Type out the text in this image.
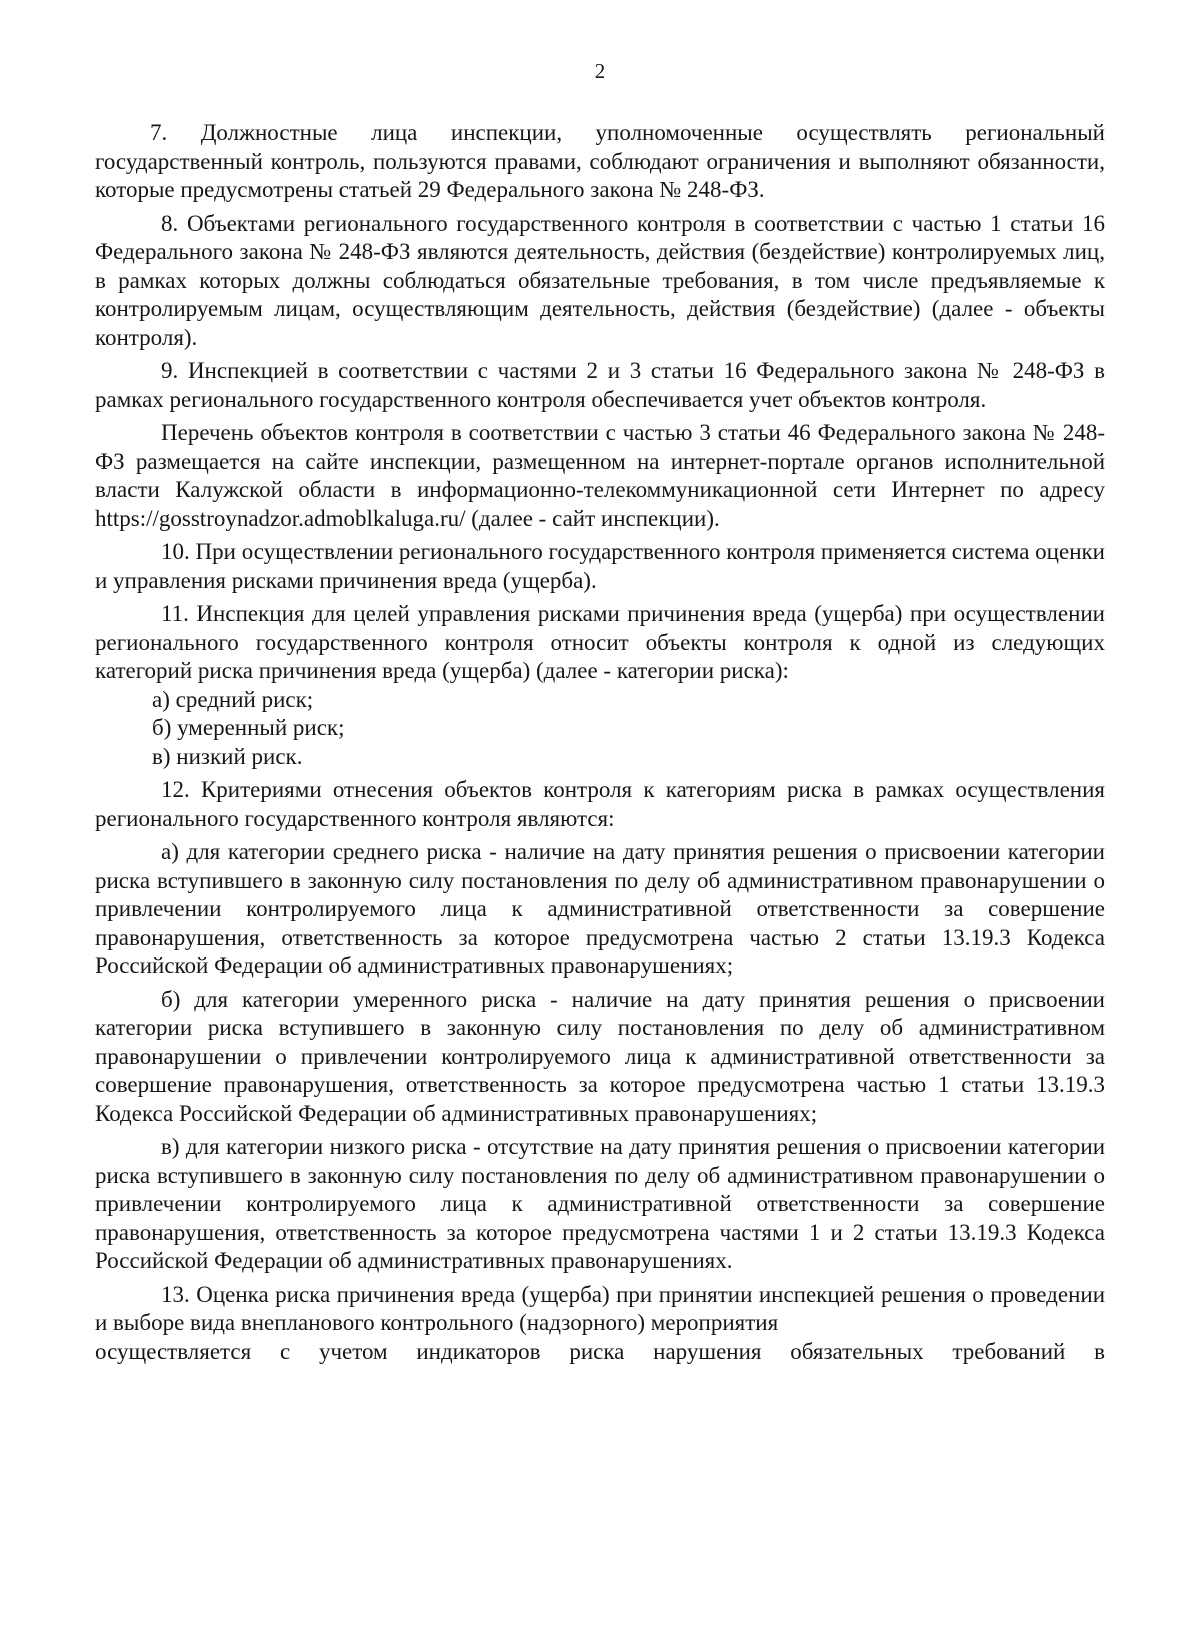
2

7. Должностные лица инспекции, уполномоченные осуществлять региональный государственный контроль, пользуются правами, соблюдают ограничения и выполняют обязанности, которые предусмотрены статьей 29 Федерального закона № 248-ФЗ.

8. Объектами регионального государственного контроля в соответствии с частью 1 статьи 16 Федерального закона № 248-ФЗ являются деятельность, действия (бездействие) контролируемых лиц, в рамках которых должны соблюдаться обязательные требования, в том числе предъявляемые к контролируемым лицам, осуществляющим деятельность, действия (бездействие) (далее - объекты контроля).

9. Инспекцией в соответствии с частями 2 и 3 статьи 16 Федерального закона № 248-ФЗ в рамках регионального государственного контроля обеспечивается учет объектов контроля.

Перечень объектов контроля в соответствии с частью 3 статьи 46 Федерального закона № 248-ФЗ размещается на сайте инспекции, размещенном на интернет-портале органов исполнительной власти Калужской области в информационно-телекоммуникационной сети Интернет по адресу https://gosstroynadzor.admoblkaluga.ru/ (далее - сайт инспекции).

10. При осуществлении регионального государственного контроля применяется система оценки и управления рисками причинения вреда (ущерба).

11. Инспекция для целей управления рисками причинения вреда (ущерба) при осуществлении регионального государственного контроля относит объекты контроля к одной из следующих категорий риска причинения вреда (ущерба) (далее - категории риска):

а) средний риск;

б) умеренный риск;

в) низкий риск.

12. Критериями отнесения объектов контроля к категориям риска в рамках осуществления регионального государственного контроля являются:

а) для категории среднего риска - наличие на дату принятия решения о присвоении категории риска вступившего в законную силу постановления по делу об административном правонарушении о привлечении контролируемого лица к административной ответственности за совершение правонарушения, ответственность за которое предусмотрена частью 2 статьи 13.19.3 Кодекса Российской Федерации об административных правонарушениях;

б) для категории умеренного риска - наличие на дату принятия решения о присвоении категории риска вступившего в законную силу постановления по делу об административном правонарушении о привлечении контролируемого лица к административной ответственности за совершение правонарушения, ответственность за которое предусмотрена частью 1 статьи 13.19.3 Кодекса Российской Федерации об административных правонарушениях;

в) для категории низкого риска - отсутствие на дату принятия решения о присвоении категории риска вступившего в законную силу постановления по делу об административном правонарушении о привлечении контролируемого лица к административной ответственности за совершение правонарушения, ответственность за которое предусмотрена частями 1 и 2 статьи 13.19.3 Кодекса Российской Федерации об административных правонарушениях.

13. Оценка риска причинения вреда (ущерба) при принятии инспекцией решения о проведении и выборе вида внепланового контрольного (надзорного) мероприятия

осуществляется с учетом индикаторов риска нарушения обязательных требований в
